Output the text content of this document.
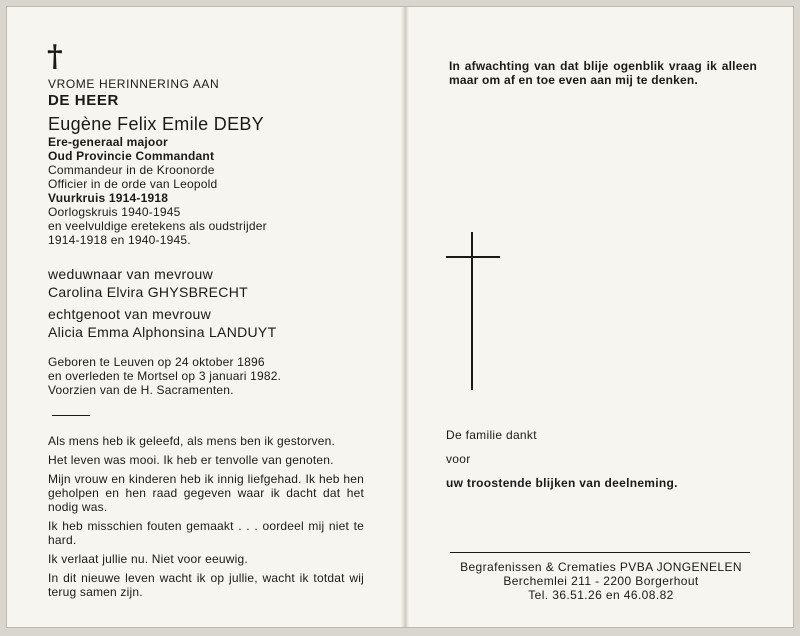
†
VROME HERINNERING AAN
DE HEER
Eugène Felix Emile DEBY
Ere-generaal majoor
Oud Provincie Commandant
Commandeur in de Kroonorde
Officier in de orde van Leopold
Vuurkruis 1914-1918
Oorlogskruis 1940-1945
en veelvuldige eretekens als oudstrijder
1914-1918 en 1940-1945.
weduwnaar van mevrouw
Carolina Elvira GHYSBRECHT
echtgenoot van mevrouw
Alicia Emma Alphonsina LANDUYT
Geboren te Leuven op 24 oktober 1896
en overleden te Mortsel op 3 januari 1982.
Voorzien van de H. Sacramenten.

Als mens heb ik geleefd, als mens ben ik gestorven.

Het leven was mooi. Ik heb er tenvolle van genoten.

Mijn vrouw en kinderen heb ik innig liefgehad. Ik heb hen geholpen en hen raad gegeven waar ik dacht dat het nodig was.

Ik heb misschien fouten gemaakt . . . oordeel mij niet te hard.

Ik verlaat jullie nu. Niet voor eeuwig.

In dit nieuwe leven wacht ik op jullie, wacht ik totdat wij terug samen zijn.

In afwachting van dat blije ogenblik vraag ik alleen maar om af en toe even aan mij te denken.
De familie dankt
voor
uw troostende blijken van deelneming.
Begrafenissen & Crematies PVBA JONGENELEN
Berchemlei 211 - 2200 Borgerhout
Tel. 36.51.26 en 46.08.82
